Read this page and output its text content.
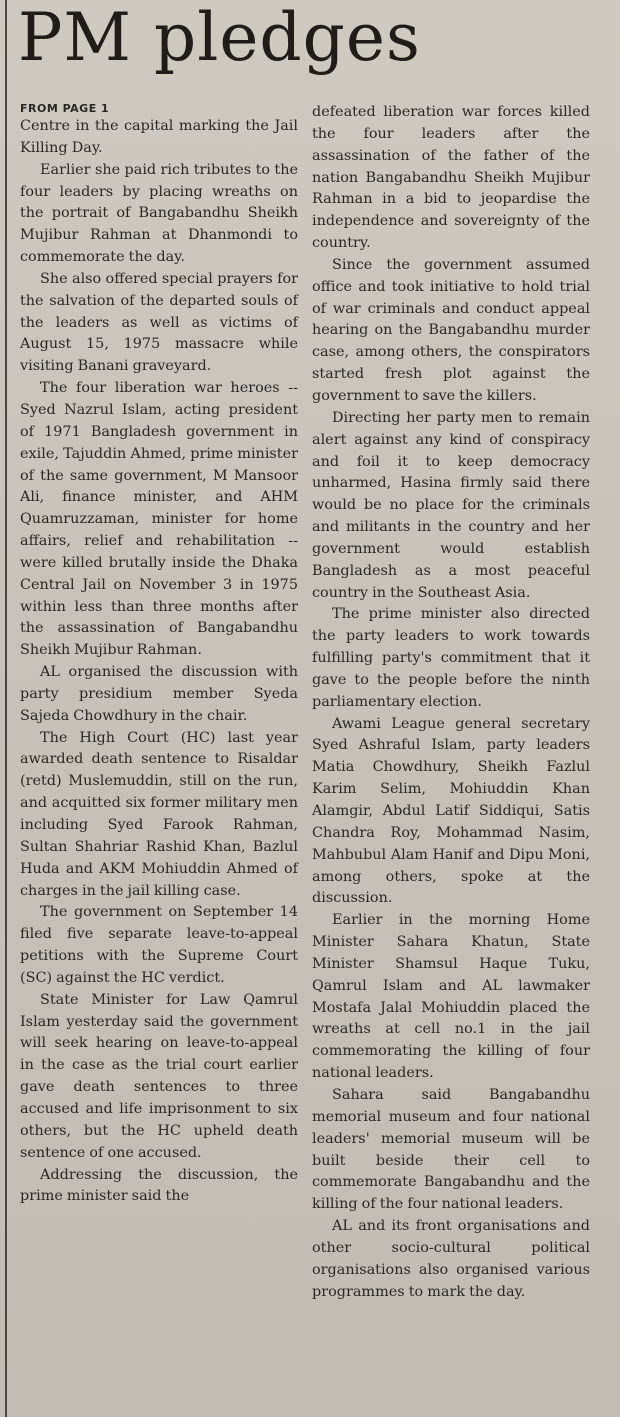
PM pledges
FROM PAGE 1

Centre in the capital marking the Jail Killing Day.

Earlier she paid rich tributes to the four leaders by placing wreaths on the portrait of Bangabandhu Sheikh Mujibur Rahman at Dhanmondi to commemorate the day.

She also offered special prayers for the salvation of the departed souls of the leaders as well as victims of August 15, 1975 massacre while visiting Banani graveyard.

The four liberation war heroes -- Syed Nazrul Islam, acting president of 1971 Bangladesh government in exile, Tajuddin Ahmed, prime minister of the same government, M Mansoor Ali, finance minister, and AHM Quamruzzaman, minister for home affairs, relief and rehabilitation -- were killed brutally inside the Dhaka Central Jail on November 3 in 1975 within less than three months after the assassination of Bangabandhu Sheikh Mujibur Rahman.

AL organised the discussion with party presidium member Syeda Sajeda Chowdhury in the chair.

The High Court (HC) last year awarded death sentence to Risaldar (retd) Muslemuddin, still on the run, and acquitted six former military men including Syed Farook Rahman, Sultan Shahriar Rashid Khan, Bazlul Huda and AKM Mohiuddin Ahmed of charges in the jail killing case.

The government on September 14 filed five separate leave-to-appeal petitions with the Supreme Court (SC) against the HC verdict.

State Minister for Law Qamrul Islam yesterday said the government will seek hearing on leave-to-appeal in the case as the trial court earlier gave death sentences to three accused and life imprisonment to six others, but the HC upheld death sentence of one accused.

Addressing the discussion, the prime minister said the

defeated liberation war forces killed the four leaders after the assassination of the father of the nation Bangabandhu Sheikh Mujibur Rahman in a bid to jeopardise the independence and sovereignty of the country.

Since the government assumed office and took initiative to hold trial of war criminals and conduct appeal hearing on the Bangabandhu murder case, among others, the conspirators started fresh plot against the government to save the killers.

Directing her party men to remain alert against any kind of conspiracy and foil it to keep democracy unharmed, Hasina firmly said there would be no place for the criminals and militants in the country and her government would establish Bangladesh as a most peaceful country in the Southeast Asia.

The prime minister also directed the party leaders to work towards fulfilling party's commitment that it gave to the people before the ninth parliamentary election.

Awami League general secretary Syed Ashraful Islam, party leaders Matia Chowdhury, Sheikh Fazlul Karim Selim, Mohiuddin Khan Alamgir, Abdul Latif Siddiqui, Satis Chandra Roy, Mohammad Nasim, Mahbubul Alam Hanif and Dipu Moni, among others, spoke at the discussion.

Earlier in the morning Home Minister Sahara Khatun, State Minister Shamsul Haque Tuku, Qamrul Islam and AL lawmaker Mostafa Jalal Mohiuddin placed the wreaths at cell no.1 in the jail commemorating the killing of four national leaders.

Sahara said Bangabandhu memorial museum and four national leaders' memorial museum will be built beside their cell to commemorate Bangabandhu and the killing of the four national leaders.

AL and its front organisations and other socio-cultural political organisations also organised various programmes to mark the day.
